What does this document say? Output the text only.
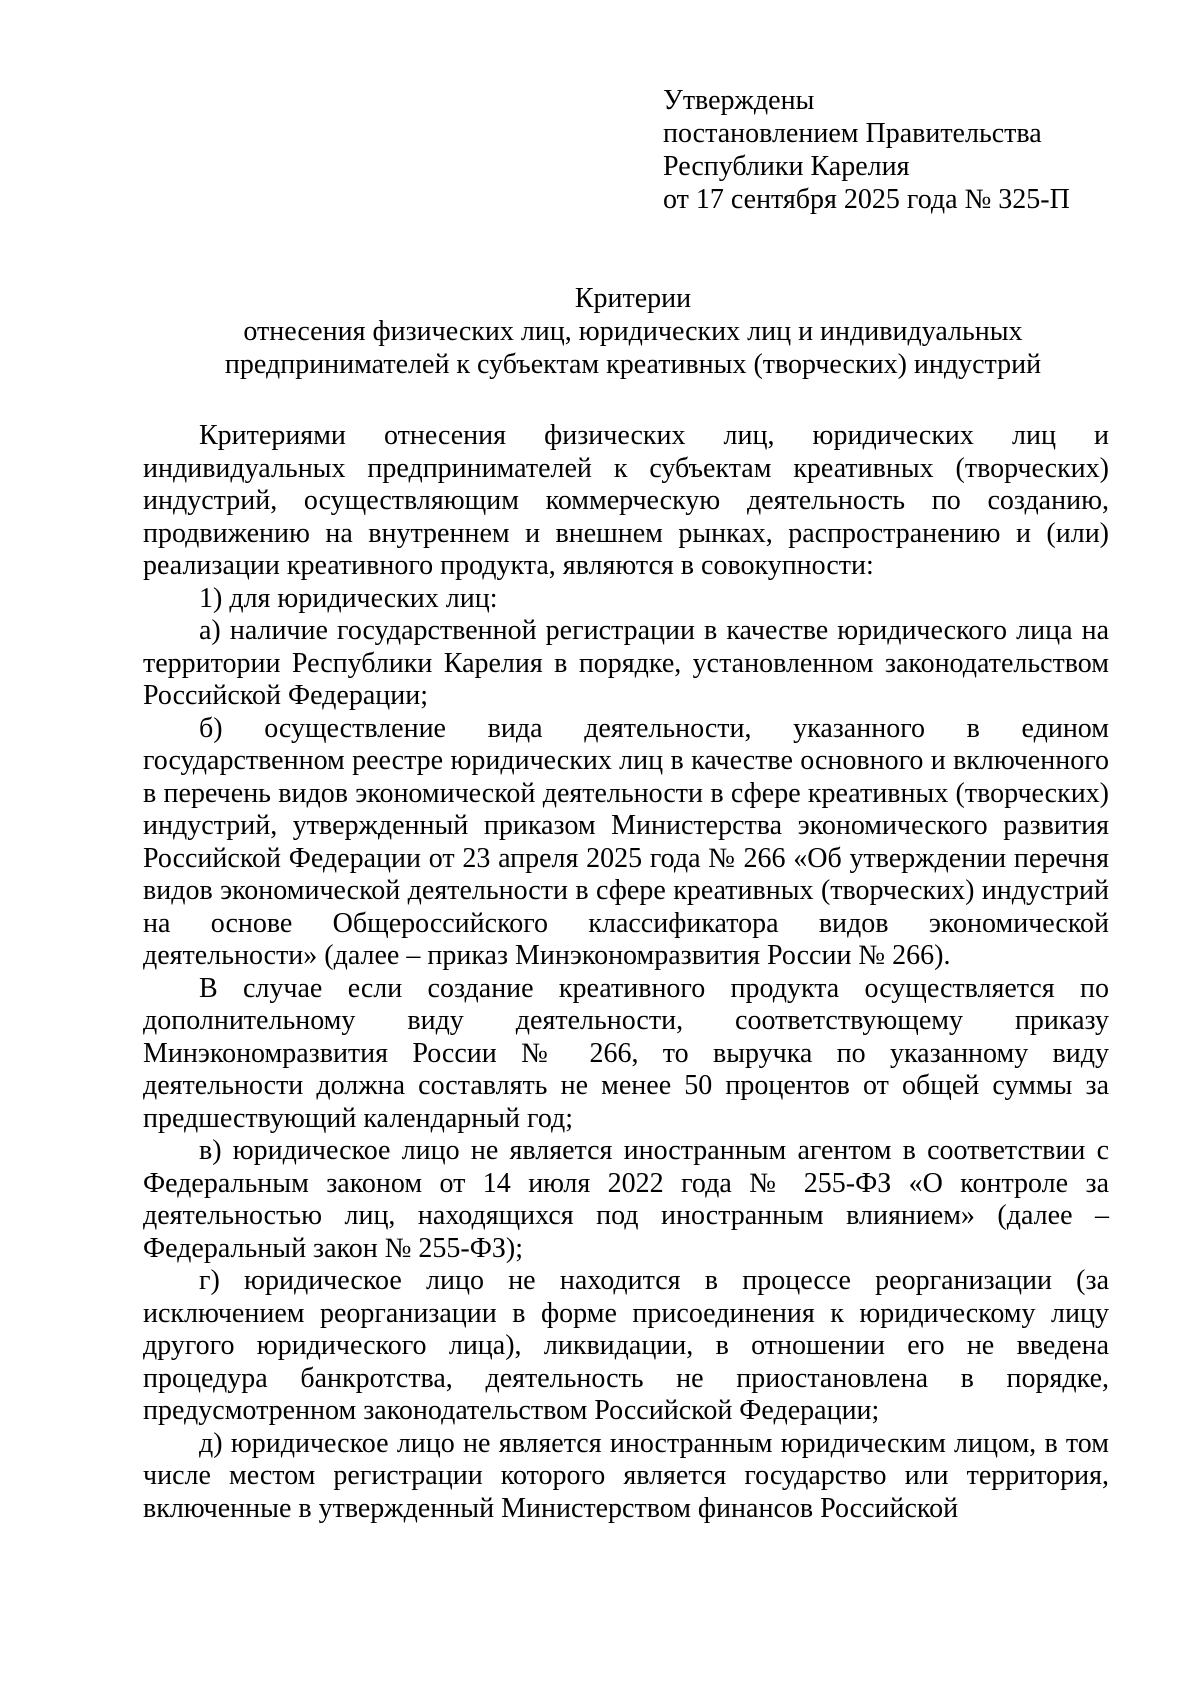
Утверждены
постановлением Правительства
Республики Карелия
от 17 сентября 2025 года № 325-П
Критерии
отнесения физических лиц, юридических лиц и индивидуальных
предпринимателей к субъектам креативных (творческих) индустрий

Критериями отнесения физических лиц, юридических лиц и индивидуальных предпринимателей к субъектам креативных (творческих) индустрий, осуществляющим коммерческую деятельность по созданию, продвижению на внутреннем и внешнем рынках, распространению и (или) реализации креативного продукта, являются в совокупности:

1) для юридических лиц:

а) наличие государственной регистрации в качестве юридического лица на территории Республики Карелия в порядке, установленном законодательством Российской Федерации;

б) осуществление вида деятельности, указанного в едином государственном реестре юридических лиц в качестве основного и включенного в перечень видов экономической деятельности в сфере креативных (творческих) индустрий, утвержденный приказом Министерства экономического развития Российской Федерации от 23 апреля 2025 года № 266 «Об утверждении перечня видов экономической деятельности в сфере креативных (творческих) индустрий на основе Общероссийского классификатора видов экономической деятельности» (далее – приказ Минэкономразвития России № 266).

В случае если создание креативного продукта осуществляется по дополнительному виду деятельности, соответствующему приказу Минэкономразвития России № 266, то выручка по указанному виду деятельности должна составлять не менее 50 процентов от общей суммы за предшествующий календарный год;

в) юридическое лицо не является иностранным агентом в соответствии с Федеральным законом от 14 июля 2022 года № 255-ФЗ «О контроле за деятельностью лиц, находящихся под иностранным влиянием» (далее – Федеральный закон № 255-ФЗ);

г) юридическое лицо не находится в процессе реорганизации (за исключением реорганизации в форме присоединения к юридическому лицу другого юридического лица), ликвидации, в отношении его не введена процедура банкротства, деятельность не приостановлена в порядке, предусмотренном законодательством Российской Федерации;

д) юридическое лицо не является иностранным юридическим лицом, в том числе местом регистрации которого является государство или территория, включенные в утвержденный Министерством финансов Российской
